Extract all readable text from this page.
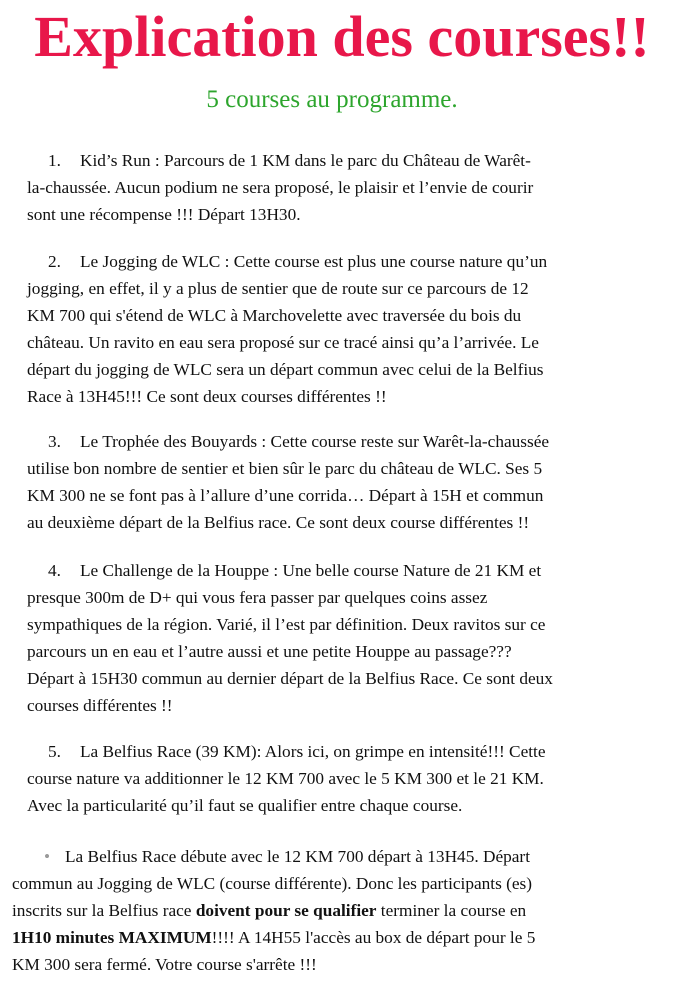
Explication des courses!!
5 courses au programme.
1. Kid’s Run : Parcours de 1 KM dans le parc du Château de Warêt-
la-chaussée. Aucun podium ne sera proposé, le plaisir et l’envie de courir
sont une récompense !!! Départ 13H30.
2. Le Jogging de WLC : Cette course est plus une course nature qu’un
jogging, en effet, il y a plus de sentier que de route sur ce parcours de 12
KM 700 qui s'étend de WLC à Marchovelette avec traversée du bois du
château. Un ravito en eau sera proposé sur ce tracé ainsi qu’a l’arrivée. Le
départ du jogging de WLC sera un départ commun avec celui de la Belfius
Race à 13H45!!! Ce sont deux courses différentes !!
3. Le Trophée des Bouyards : Cette course reste sur Warêt-la-chaussée
utilise bon nombre de sentier et bien sûr le parc du château de WLC. Ses 5
KM 300 ne se font pas à l’allure d’une corrida… Départ à 15H et commun
au deuxième départ de la Belfius race. Ce sont deux course différentes !!
4. Le Challenge de la Houppe : Une belle course Nature de 21 KM et
presque 300m de D+ qui vous fera passer par quelques coins assez
sympathiques de la région. Varié, il l’est par définition. Deux ravitos sur ce
parcours un en eau et l’autre aussi et une petite Houppe au passage???
Départ à 15H30 commun au dernier départ de la Belfius Race. Ce sont deux
courses différentes !!
5. La Belfius Race (39 KM): Alors ici, on grimpe en intensité!!! Cette
course nature va additionner le 12 KM 700 avec le 5 KM 300 et le 21 KM.
Avec la particularité qu’il faut se qualifier entre chaque course.
• La Belfius Race débute avec le 12 KM 700 départ à 13H45. Départ
commun au Jogging de WLC (course différente). Donc les participants (es)
inscrits sur la Belfius race doivent pour se qualifier terminer la course en
1H10 minutes MAXIMUM!!!! A 14H55 l'accès au box de départ pour le 5
KM 300 sera fermé. Votre course s'arrête !!!
